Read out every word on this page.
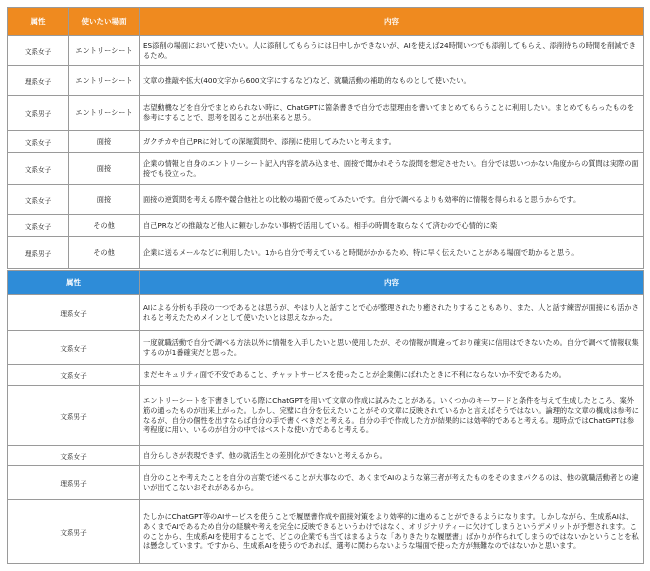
属性	使いたい場面	内容
文系女子	エントリーシート	ES添削の場面において使いたい。人に添削してもらうには日中しかできないが、AIを使えば24時間いつでも添削してもらえ、添削待ちの時間を削減できるため。
理系女子	エントリーシート	文章の推敲や拡大(400文字から600文字にするなど)など、就職活動の補助的なものとして使いたい。
文系男子	エントリーシート	志望動機などを自分でまとめられない時に、ChatGPTに箇条書きで自分で志望理由を書いてまとめてもらうことに利用したい。まとめてもらったものを参考にすることで、思考を図ることが出来ると思う。
文系女子	面接	ガクチカや自己PRに対しての深堀質問や、添削に使用してみたいと考えます。
文系女子	面接	企業の情報と自身のエントリーシート記入内容を読み込ませ、面接で聞かれそうな設問を想定させたい。自分では思いつかない角度からの質問は実際の面接でも役立った。
文系女子	面接	面接の逆質問を考える際や競合他社との比較の場面で使ってみたいです。自分で調べるよりも効率的に情報を得られると思うからです。
文系女子	その他	自己PRなどの推敲など他人に頼むしかない事柄で活用している。相手の時間を取らなくて済むので心情的に楽
理系男子	その他	企業に送るメールなどに利用したい。1から自分で考えていると時間がかかるため、特に早く伝えたいことがある場面で助かると思う。
属性	内容
理系女子	AIによる分析も手段の一つであるとは思うが、やはり人と話すことで心が整理されたり癒されたりすることもあり、また、人と話す練習が面接にも活かされると考えたためメインとして使いたいとは思えなかった。
文系女子	一度就職活動で自分で調べる方法以外に情報を入手したいと思い使用したが、その情報が間違っており確実に信用はできないため。自分で調べて情報収集するのが1番確実だと思った。
文系女子	まだセキュリティ面で不安であること、チャットサービスを使ったことが企業側にばれたときに不利にならないか不安であるため。
文系男子	エントリーシートを下書きしている際にChatGPTを用いて文章の作成に試みたことがある。いくつかのキーワードと条件を与えて生成したところ、案外筋の通ったものが出来上がった。しかし、完璧に自分を伝えたいことがその文章に反映されているかと言えばそうではない。論理的な文章の構成は参考になるが、自分の個性を出すならば自分の手で書くべきだと考える。自分の手で作成した方が結果的には効率的であると考える。現時点ではChatGPTは参考程度に用い、いるのが自分の中ではベストな使い方であると考える。
文系女子	自分らしさが表現できず、他の就活生との差別化ができないと考えるから。
理系男子	自分のことや考えたことを自分の言葉で述べることが大事なので、あくまでAIのような第三者が考えたものをそのままパクるのは、他の就職活動者との違いが出てこないおそれがあるから。
文系男子	たしかにChatGPT等のAIサービスを使うことで履歴書作成や面接対策をより効率的に進めることができるようになります。しかしながら、生成系AIは、あくまでAIであるため自分の経験や考えを完全に反映できるというわけではなく、オリジナリティーに欠けてしまうというデメリットが予想されます。このことから、生成系AIを使用することで、どこの企業でも当てはまるような「ありきたりな履歴書」ばかりが作られてしまうのではないかということを私は懸念しています。ですから、生成系AIを使うのであれば、選考に関わらないような場面で使った方が無難なのではないかと思います。
